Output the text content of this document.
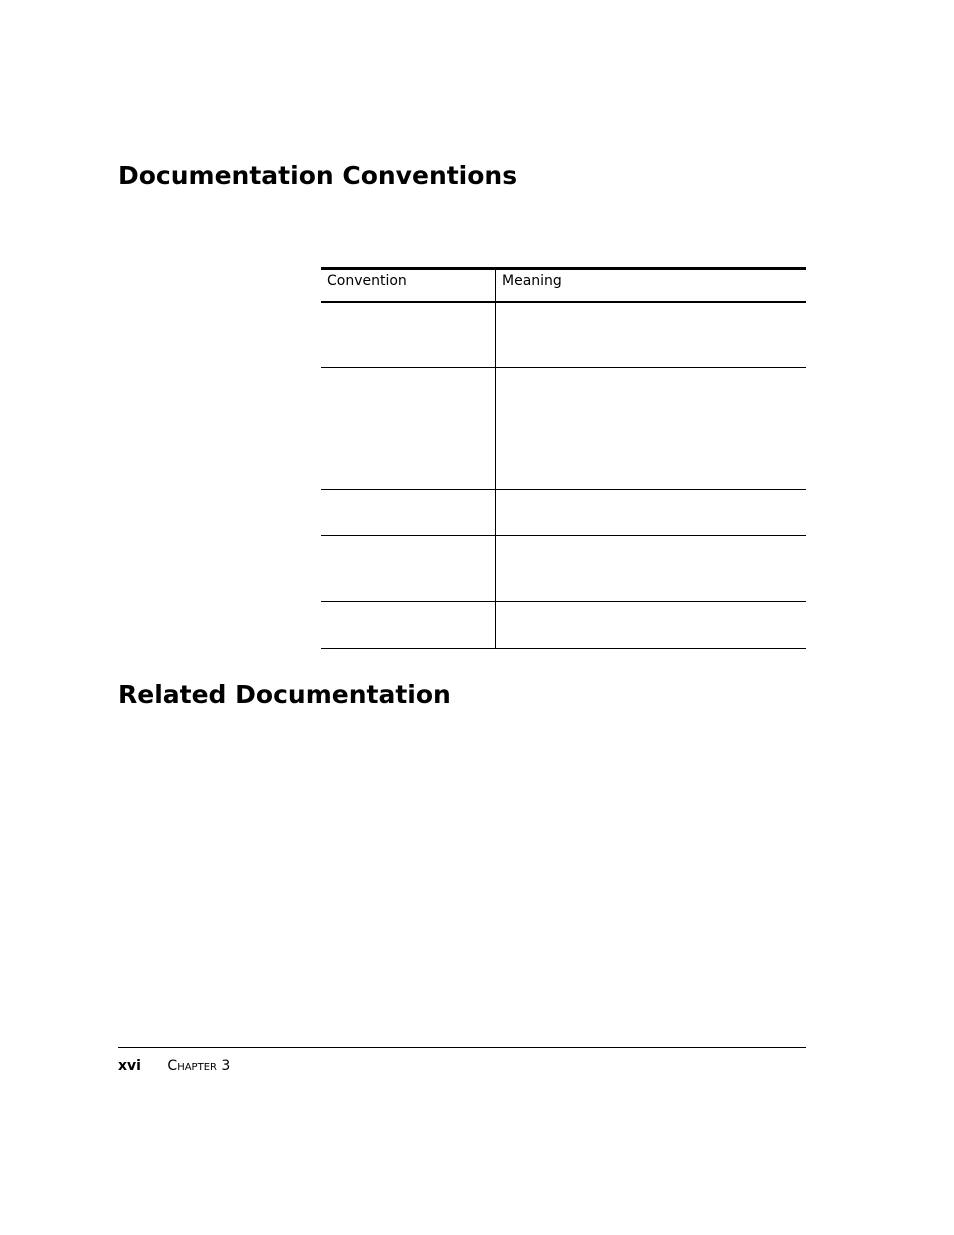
Documentation Conventions
Convention	Meaning

Related Documentation
xvi Chapter 3
